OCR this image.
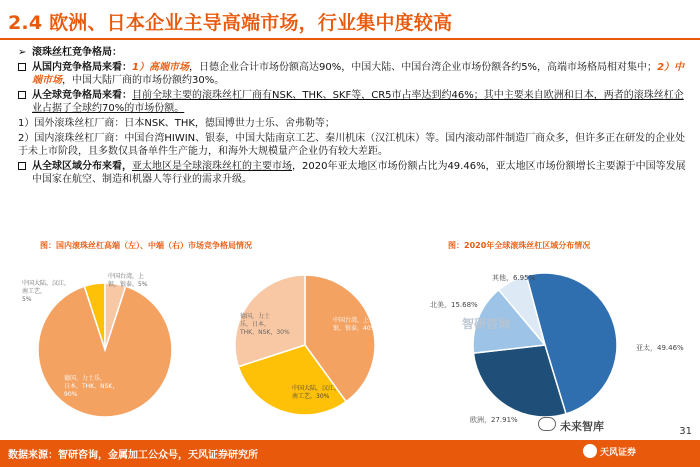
2.4 欧洲、日本企业主导高端市场，行业集中度较高
➢ 滚珠丝杠竞争格局：
从国内竞争格局来看：1）高端市场，日德企业合计市场份额高达90%，中国大陆、中国台湾企业市场份额各约5%，高端市场格局相对集中；2）中端市场，中国大陆厂商的市场份额约30%。
从全球竞争格局来看：目前全球主要的滚珠丝杠厂商有NSK、THK、SKF等，CR5市占率达到约46%；其中主要来自欧洲和日本，两者的滚珠丝杠企业占据了全球约70%的市场份额。
1）国外滚珠丝杠厂商：日本NSK、THK，德国博世力士乐、舍弗勒等；
2）国内滚珠丝杠厂商：中国台湾HIWIN、银泰，中国大陆南京工艺、秦川机床（汉江机床）等。国内滚动部件制造厂商众多，但许多正在研发的企业处于未上市阶段，且多数仅具备单件生产能力，和海外大规模量产企业仍有较大差距。
从全球区域分布来看，亚太地区是全球滚珠丝杠的主要市场，2020年亚太地区市场份额占比为49.46%，亚太地区市场份额增长主要源于中国等发展中国家在航空、制造和机器人等行业的需求升级。
图：国内滚珠丝杠高端（左）、中端（右）市场竞争格局情况	图：2020年全球滚珠丝杠区域分布情况
中国大陆，汉江，
南工艺，
5%
中国台湾，上
银，银泰，5%
德国、力士乐，
日本，THK、NSK，
90%
中国台湾，上
银，银泰，40%
中国大陆，汉江，
南工艺，30%
德国，力士
乐，日本，
THK、NSK，30%
其他，6.95%
北美，15.68%
亚太，49.46%
欧洲，27.91%
智研咨询
31
未来智库
数据来源：智研咨询，金属加工公众号，天风证券研究所	天风证券
